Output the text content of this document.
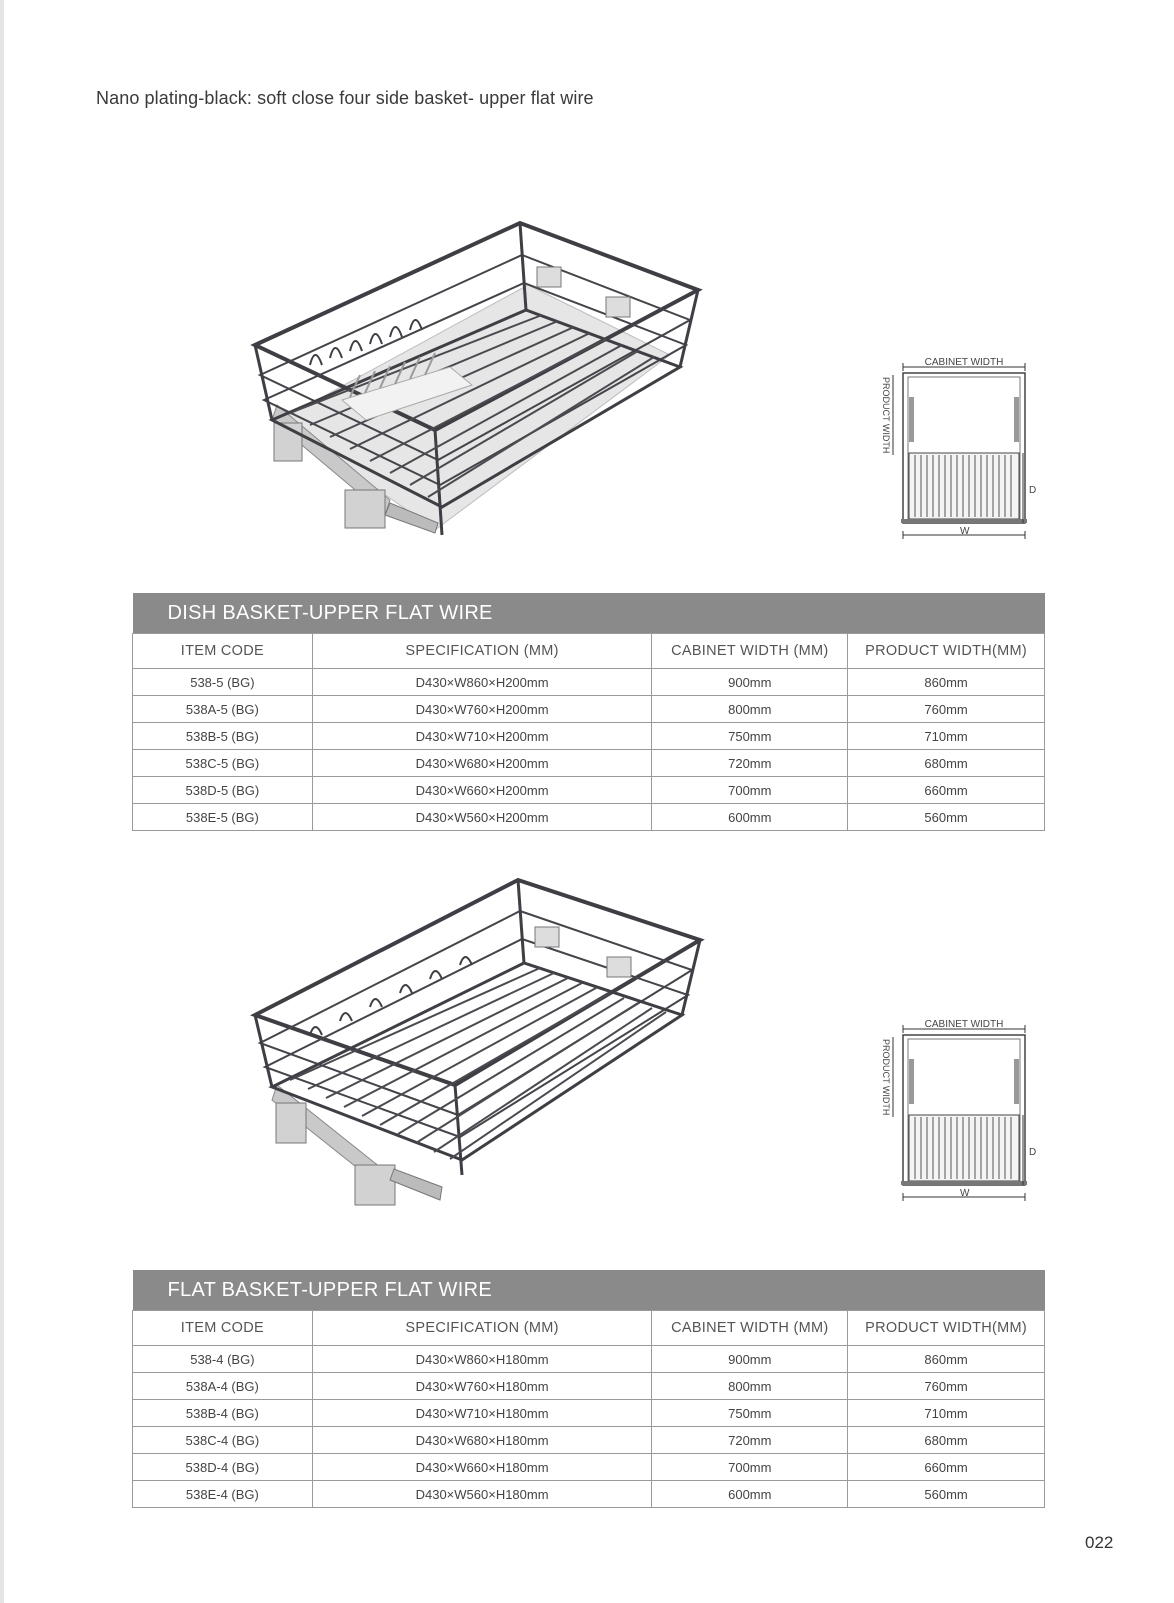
Nano plating-black: soft close four side basket- upper flat wire
CABINET WIDTH
PRODUCT WIDTH
D
W
DISH BASKET-UPPER FLAT WIRE			
ITEM CODE	SPECIFICATION (MM)	CABINET WIDTH (MM)	PRODUCT WIDTH(MM)
538-5 (BG)	D430×W860×H200mm	900mm	860mm
538A-5 (BG)	D430×W760×H200mm	800mm	760mm
538B-5 (BG)	D430×W710×H200mm	750mm	710mm
538C-5 (BG)	D430×W680×H200mm	720mm	680mm
538D-5 (BG)	D430×W660×H200mm	700mm	660mm
538E-5 (BG)	D430×W560×H200mm	600mm	560mm
CABINET WIDTH
PRODUCT WIDTH
D
W
FLAT BASKET-UPPER FLAT WIRE			
ITEM CODE	SPECIFICATION (MM)	CABINET WIDTH (MM)	PRODUCT WIDTH(MM)
538-4 (BG)	D430×W860×H180mm	900mm	860mm
538A-4 (BG)	D430×W760×H180mm	800mm	760mm
538B-4 (BG)	D430×W710×H180mm	750mm	710mm
538C-4 (BG)	D430×W680×H180mm	720mm	680mm
538D-4 (BG)	D430×W660×H180mm	700mm	660mm
538E-4 (BG)	D430×W560×H180mm	600mm	560mm
022
